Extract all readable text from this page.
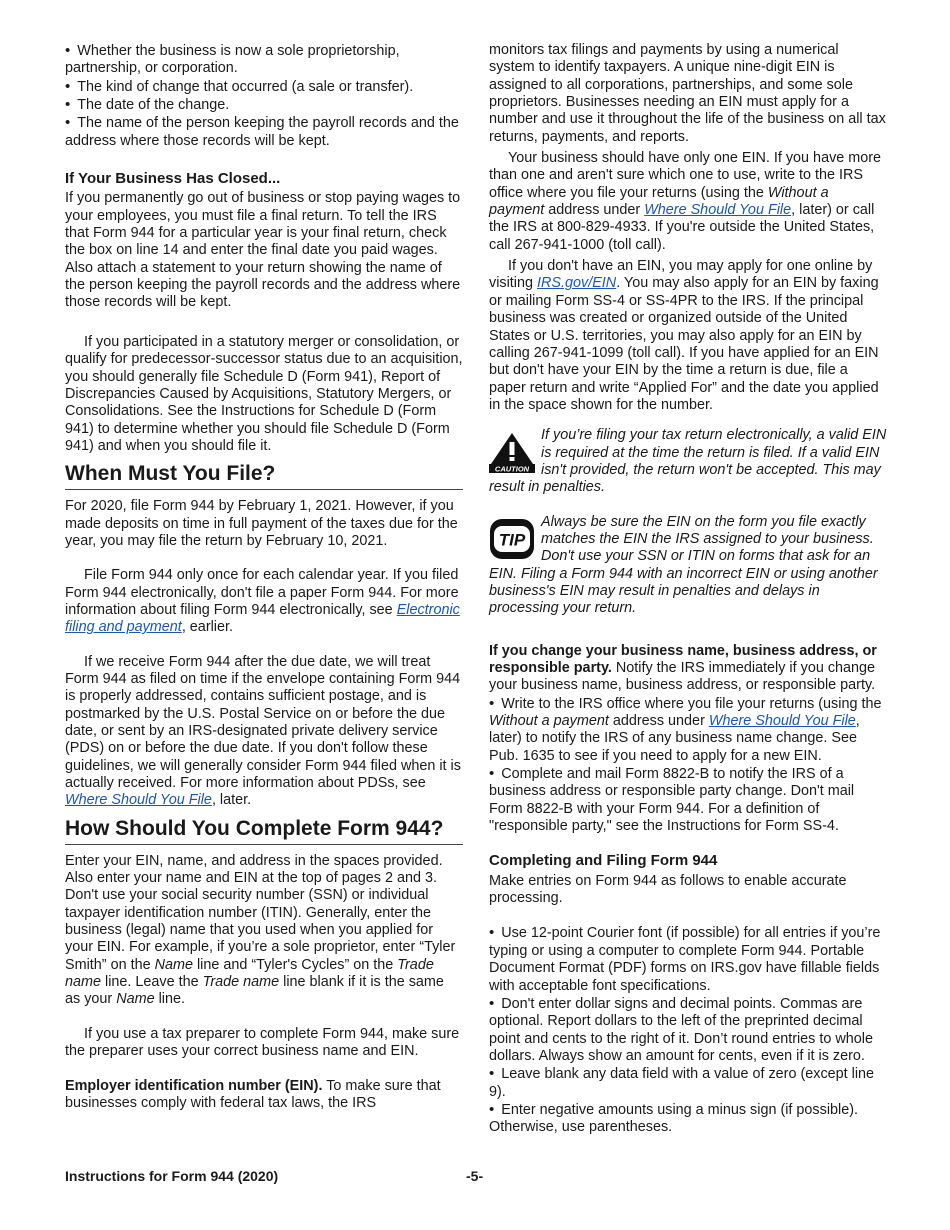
• Whether the business is now a sole proprietorship, partnership, or corporation.

• The kind of change that occurred (a sale or transfer).

• The date of the change.

• The name of the person keeping the payroll records and the address where those records will be kept.

If Your Business Has Closed...

If you permanently go out of business or stop paying wages to your employees, you must file a final return. To tell the IRS that Form 944 for a particular year is your final return, check the box on line 14 and enter the final date you paid wages. Also attach a statement to your return showing the name of the person keeping the payroll records and the address where those records will be kept.

If you participated in a statutory merger or consolidation, or qualify for predecessor-successor status due to an acquisition, you should generally file Schedule D (Form 941), Report of Discrepancies Caused by Acquisitions, Statutory Mergers, or Consolidations. See the Instructions for Schedule D (Form 941) to determine whether you should file Schedule D (Form 941) and when you should file it.

When Must You File?

For 2020, file Form 944 by February 1, 2021. However, if you made deposits on time in full payment of the taxes due for the year, you may file the return by February 10, 2021.

File Form 944 only once for each calendar year. If you filed Form 944 electronically, don't file a paper Form 944. For more information about filing Form 944 electronically, see Electronic filing and payment, earlier.

If we receive Form 944 after the due date, we will treat Form 944 as filed on time if the envelope containing Form 944 is properly addressed, contains sufficient postage, and is postmarked by the U.S. Postal Service on or before the due date, or sent by an IRS-designated private delivery service (PDS) on or before the due date. If you don't follow these guidelines, we will generally consider Form 944 filed when it is actually received. For more information about PDSs, see Where Should You File, later.

How Should You Complete Form 944?

Enter your EIN, name, and address in the spaces provided. Also enter your name and EIN at the top of pages 2 and 3. Don't use your social security number (SSN) or individual taxpayer identification number (ITIN). Generally, enter the business (legal) name that you used when you applied for your EIN. For example, if you’re a sole proprietor, enter “Tyler Smith” on the Name line and “Tyler's Cycles” on the Trade name line. Leave the Trade name line blank if it is the same as your Name line.

If you use a tax preparer to complete Form 944, make sure the preparer uses your correct business name and EIN.

Employer identification number (EIN). To make sure that businesses comply with federal tax laws, the IRS

monitors tax filings and payments by using a numerical system to identify taxpayers. A unique nine-digit EIN is assigned to all corporations, partnerships, and some sole proprietors. Businesses needing an EIN must apply for a number and use it throughout the life of the business on all tax returns, payments, and reports.

Your business should have only one EIN. If you have more than one and aren't sure which one to use, write to the IRS office where you file your returns (using the Without a payment address under Where Should You File, later) or call the IRS at 800-829-4933. If you're outside the United States, call 267-941-1000 (toll call).

If you don't have an EIN, you may apply for one online by visiting IRS.gov/EIN. You may also apply for an EIN by faxing or mailing Form SS-4 or SS-4PR to the IRS. If the principal business was created or organized outside of the United States or U.S. territories, you may also apply for an EIN by calling 267-941-1099 (toll call). If you have applied for an EIN but don't have your EIN by the time a return is due, file a paper return and write “Applied For” and the date you applied in the space shown for the number.

CAUTION
If you’re filing your tax return electronically, a valid EIN is required at the time the return is filed. If a valid EIN isn't provided, the return won't be accepted. This may result in penalties.
TIP
Always be sure the EIN on the form you file exactly matches the EIN the IRS assigned to your business. Don't use your SSN or ITIN on forms that ask for an EIN. Filing a Form 944 with an incorrect EIN or using another business's EIN may result in penalties and delays in processing your return.

If you change your business name, business address, or responsible party. Notify the IRS immediately if you change your business name, business address, or responsible party.

• Write to the IRS office where you file your returns (using the Without a payment address under Where Should You File, later) to notify the IRS of any business name change. See Pub. 1635 to see if you need to apply for a new EIN.

• Complete and mail Form 8822-B to notify the IRS of a business address or responsible party change. Don't mail Form 8822-B with your Form 944. For a definition of "responsible party," see the Instructions for Form SS-4.

Completing and Filing Form 944

Make entries on Form 944 as follows to enable accurate processing.

• Use 12-point Courier font (if possible) for all entries if you’re typing or using a computer to complete Form 944. Portable Document Format (PDF) forms on IRS.gov have fillable fields with acceptable font specifications.

• Don't enter dollar signs and decimal points. Commas are optional. Report dollars to the left of the preprinted decimal point and cents to the right of it. Don’t round entries to whole dollars. Always show an amount for cents, even if it is zero.

• Leave blank any data field with a value of zero (except line 9).

• Enter negative amounts using a minus sign (if possible). Otherwise, use parentheses.

Instructions for Form 944 (2020)	-5-
